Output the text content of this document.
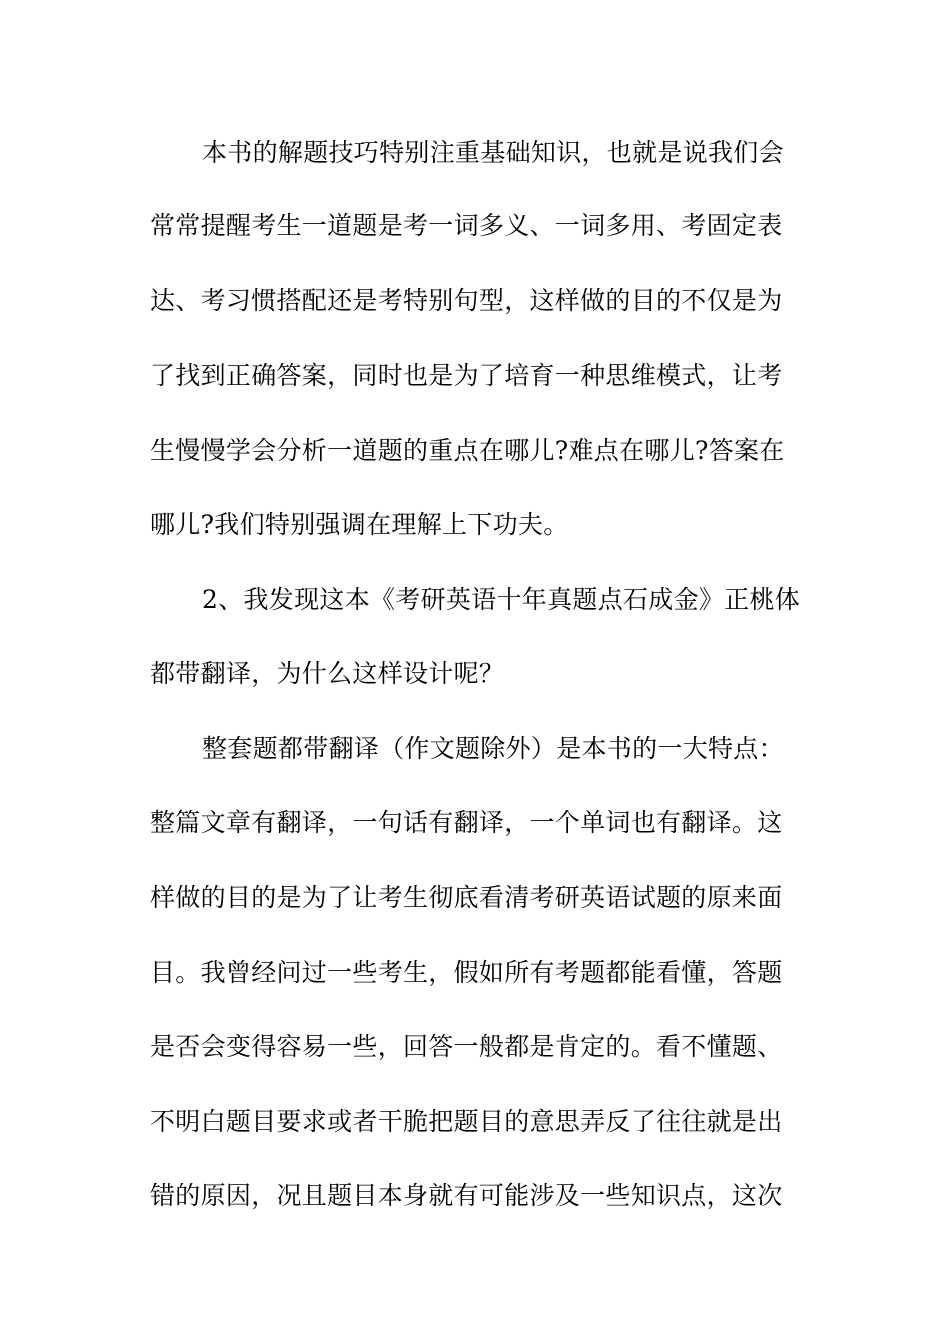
本书的解题技巧特别注重基础知识，也就是说我们会
常常提醒考生一道题是考一词多义、一词多用、考固定表
达、考习惯搭配还是考特别句型，这样做的目的不仅是为
了找到正确答案，同时也是为了培育一种思维模式，让考
生慢慢学会分析一道题的重点在哪儿?难点在哪儿?答案在
哪儿?我们特别强调在理解上下功夫。
2、我发现这本《考研英语十年真题点石成金》正桃体
都带翻译，为什么这样设计呢？
整套题都带翻译（作文题除外）是本书的一大特点：
整篇文章有翻译，一句话有翻译，一个单词也有翻译。这
样做的目的是为了让考生彻底看清考研英语试题的原来面
目。我曾经问过一些考生，假如所有考题都能看懂，答题
是否会变得容易一些，回答一般都是肯定的。看不懂题、
不明白题目要求或者干脆把题目的意思弄反了往往就是出
错的原因，况且题目本身就有可能涉及一些知识点，这次
